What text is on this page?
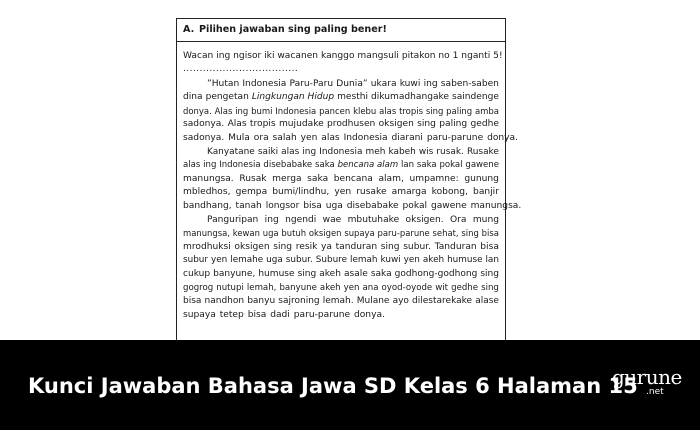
A. Pilihen jawaban sing paling bener!
Wacan ing ngisor iki wacanen kanggo mangsuli pitakon no 1 nganti 5!
...................................
”Hutan Indonesia Paru-Paru Dunia” ukara kuwi ing saben-saben
dina pengetan Lingkungan Hidup mesthi dikumadhangake saindenge
donya. Alas ing bumi Indonesia pancen klebu alas tropis sing paling amba
sadonya. Alas tropis mujudake prodhusen oksigen sing paling gedhe
sadonya. Mula ora salah yen alas Indonesia diarani paru-parune donya.
Kanyatane saiki alas ing Indonesia meh kabeh wis rusak. Rusake
alas ing Indonesia disebabake saka bencana alam lan saka pokal gawene
manungsa. Rusak merga saka bencana alam, umpamne: gunung
mbledhos, gempa bumi/lindhu, yen rusake amarga kobong, banjir
bandhang, tanah longsor bisa uga disebabake pokal gawene manungsa.
Panguripan ing ngendi wae mbutuhake oksigen. Ora mung
manungsa, kewan uga butuh oksigen supaya paru-parune sehat, sing bisa
mrodhuksi oksigen sing resik ya tanduran sing subur. Tanduran bisa
subur yen lemahe uga subur. Subure lemah kuwi yen akeh humuse lan
cukup banyune, humuse sing akeh asale saka godhong-godhong sing
gogrog nutupi lemah, banyune akeh yen ana oyod-oyode wit gedhe sing
bisa nandhon banyu sajroning lemah. Mulane ayo dilestarekake alase
supaya tetep bisa dadi paru-parune donya.
Kunci Jawaban Bahasa Jawa SD Kelas 6 Halaman 15
gurune
.net
